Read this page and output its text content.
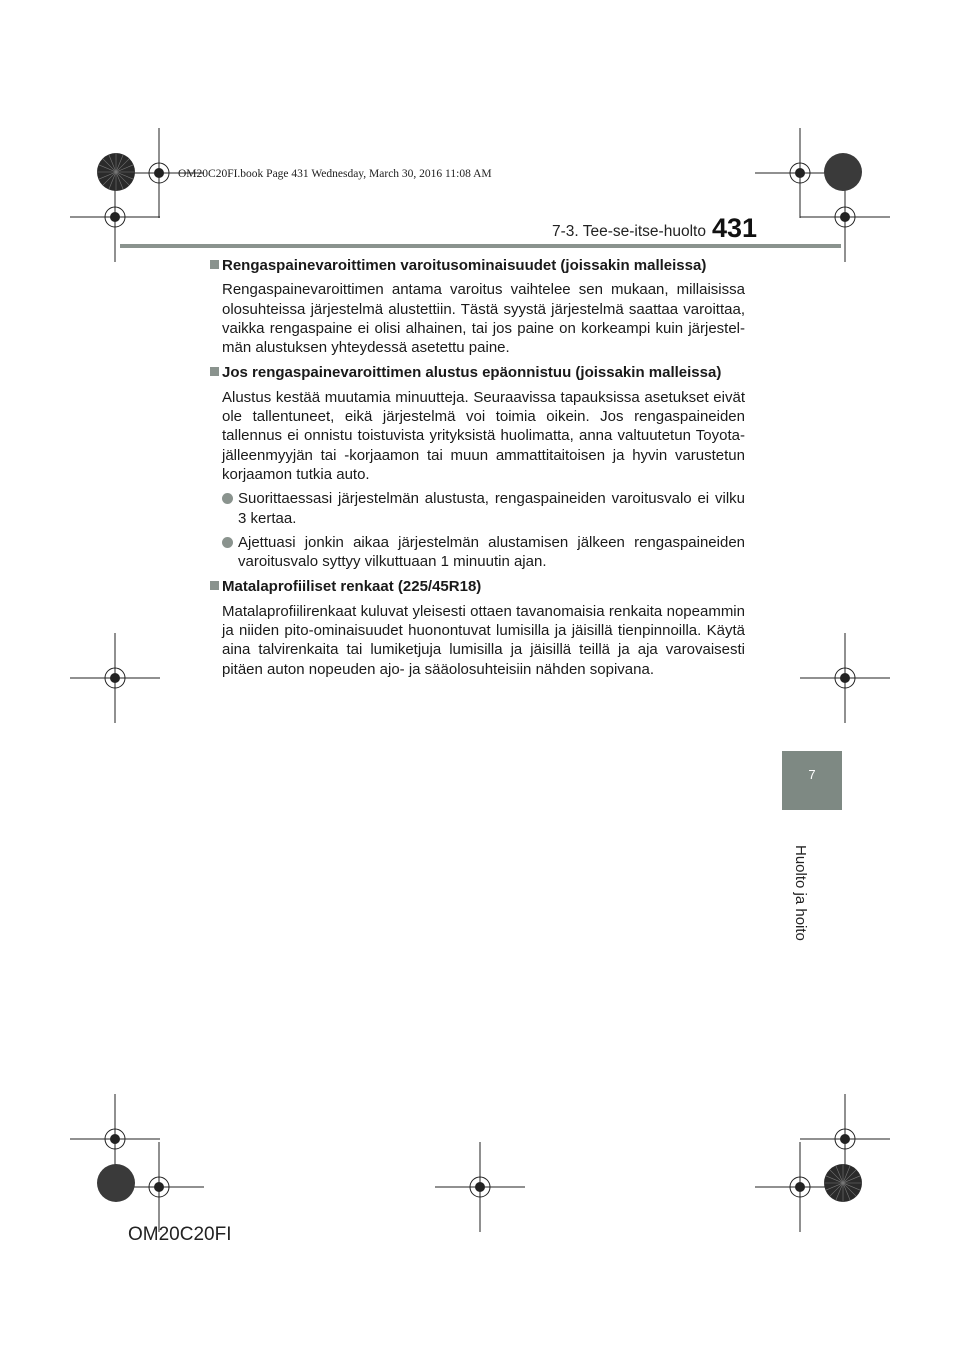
OM20C20FI.book Page 431 Wednesday, March 30, 2016 11:08 AM
7-3. Tee-se-itse-huolto 431
7
Huolto ja hoito
Rengaspainevaroittimen varoitusominaisuudet (joissakin malleissa)
Rengaspainevaroittimen antama varoitus vaihtelee sen mukaan, millaisissa olosuhteissa järjestelmä alustettiin. Tästä syystä järjestelmä saattaa varoittaa, vaikka rengaspaine ei olisi alhainen, tai jos paine on korkeampi kuin järjestel-män alustuksen yhteydessä asetettu paine.
Jos rengaspainevaroittimen alustus epäonnistuu (joissakin malleissa)
Alustus kestää muutamia minuutteja. Seuraavissa tapauksissa asetukset eivät ole tallentuneet, eikä järjestelmä voi toimia oikein. Jos rengaspaineiden tallennus ei onnistu toistuvista yrityksistä huolimatta, anna valtuutetun Toyota-jälleenmyyjän tai -korjaamon tai muun ammattitaitoisen ja hyvin varustetun korjaamon tutkia auto.
Suorittaessasi järjestelmän alustusta, rengaspaineiden varoitusvalo ei vilku 3 kertaa.
Ajettuasi jonkin aikaa järjestelmän alustamisen jälkeen rengaspaineiden varoitusvalo syttyy vilkuttuaan 1 minuutin ajan.
Matalaprofiiliset renkaat (225/45R18)
Matalaprofiilirenkaat kuluvat yleisesti ottaen tavanomaisia renkaita nopeammin ja niiden pito-ominaisuudet huonontuvat lumisilla ja jäisillä tienpinnoilla. Käytä aina talvirenkaita tai lumiketjuja lumisilla ja jäisillä teillä ja aja varovaisesti pitäen auton nopeuden ajo- ja sääolosuhteisiin nähden sopivana.
OM20C20FI
